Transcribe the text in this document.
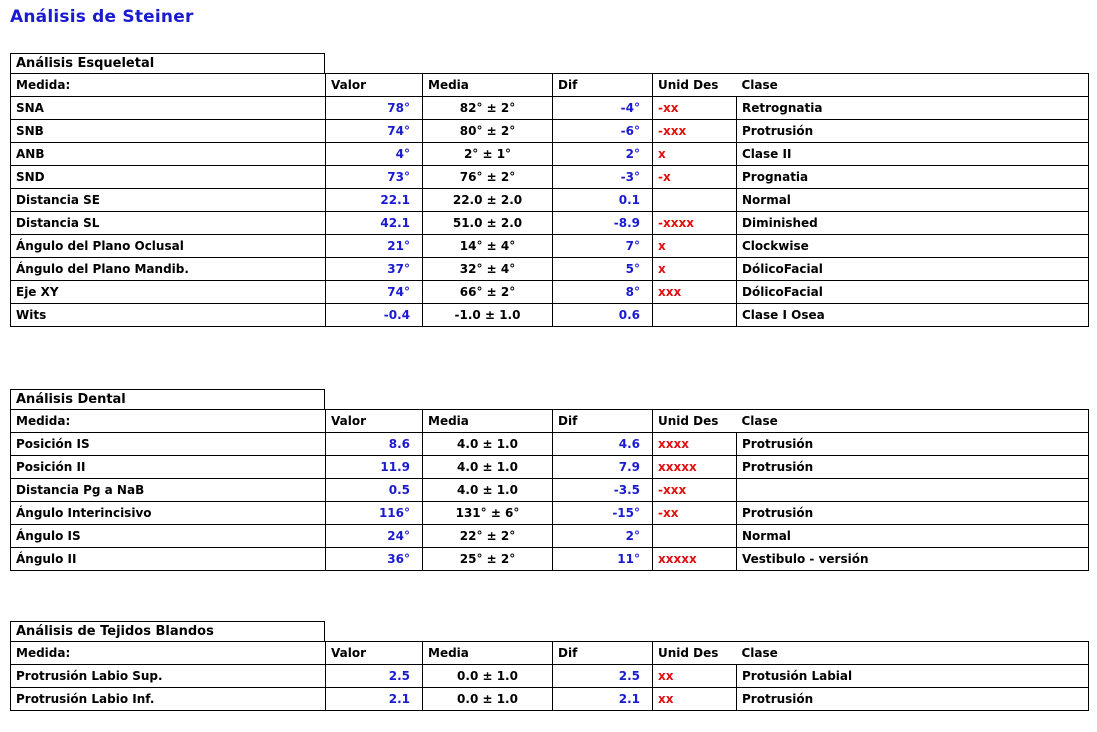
Análisis de Steiner
Análisis Esqueletal
Medida:	Valor	Media	Dif	Unid Des	Clase
SNA	78°	82° ± 2°	-4°	-xx	Retrognatia
SNB	74°	80° ± 2°	-6°	-xxx	Protrusión
ANB	4°	2° ± 1°	2°	x	Clase II
SND	73°	76° ± 2°	-3°	-x	Prognatia
Distancia SE	22.1	22.0 ± 2.0	0.1		Normal
Distancia SL	42.1	51.0 ± 2.0	-8.9	-xxxx	Diminished
Ángulo del Plano Oclusal	21°	14° ± 4°	7°	x	Clockwise
Ángulo del Plano Mandib.	37°	32° ± 4°	5°	x	DólicoFacial
Eje XY	74°	66° ± 2°	8°	xxx	DólicoFacial
Wits	-0.4	-1.0 ± 1.0	0.6		Clase I Osea
Análisis Dental
Medida:	Valor	Media	Dif	Unid Des	Clase
Posición IS	8.6	4.0 ± 1.0	4.6	xxxx	Protrusión
Posición II	11.9	4.0 ± 1.0	7.9	xxxxx	Protrusión
Distancia Pg a NaB	0.5	4.0 ± 1.0	-3.5	-xxx	
Ángulo Interincisivo	116°	131° ± 6°	-15°	-xx	Protrusión
Ángulo IS	24°	22° ± 2°	2°		Normal
Ángulo II	36°	25° ± 2°	11°	xxxxx	Vestibulo - versión
Análisis de Tejidos Blandos
Medida:	Valor	Media	Dif	Unid Des	Clase
Protrusión Labio Sup.	2.5	0.0 ± 1.0	2.5	xx	Protusión Labial
Protrusión Labio Inf.	2.1	0.0 ± 1.0	2.1	xx	Protrusión
